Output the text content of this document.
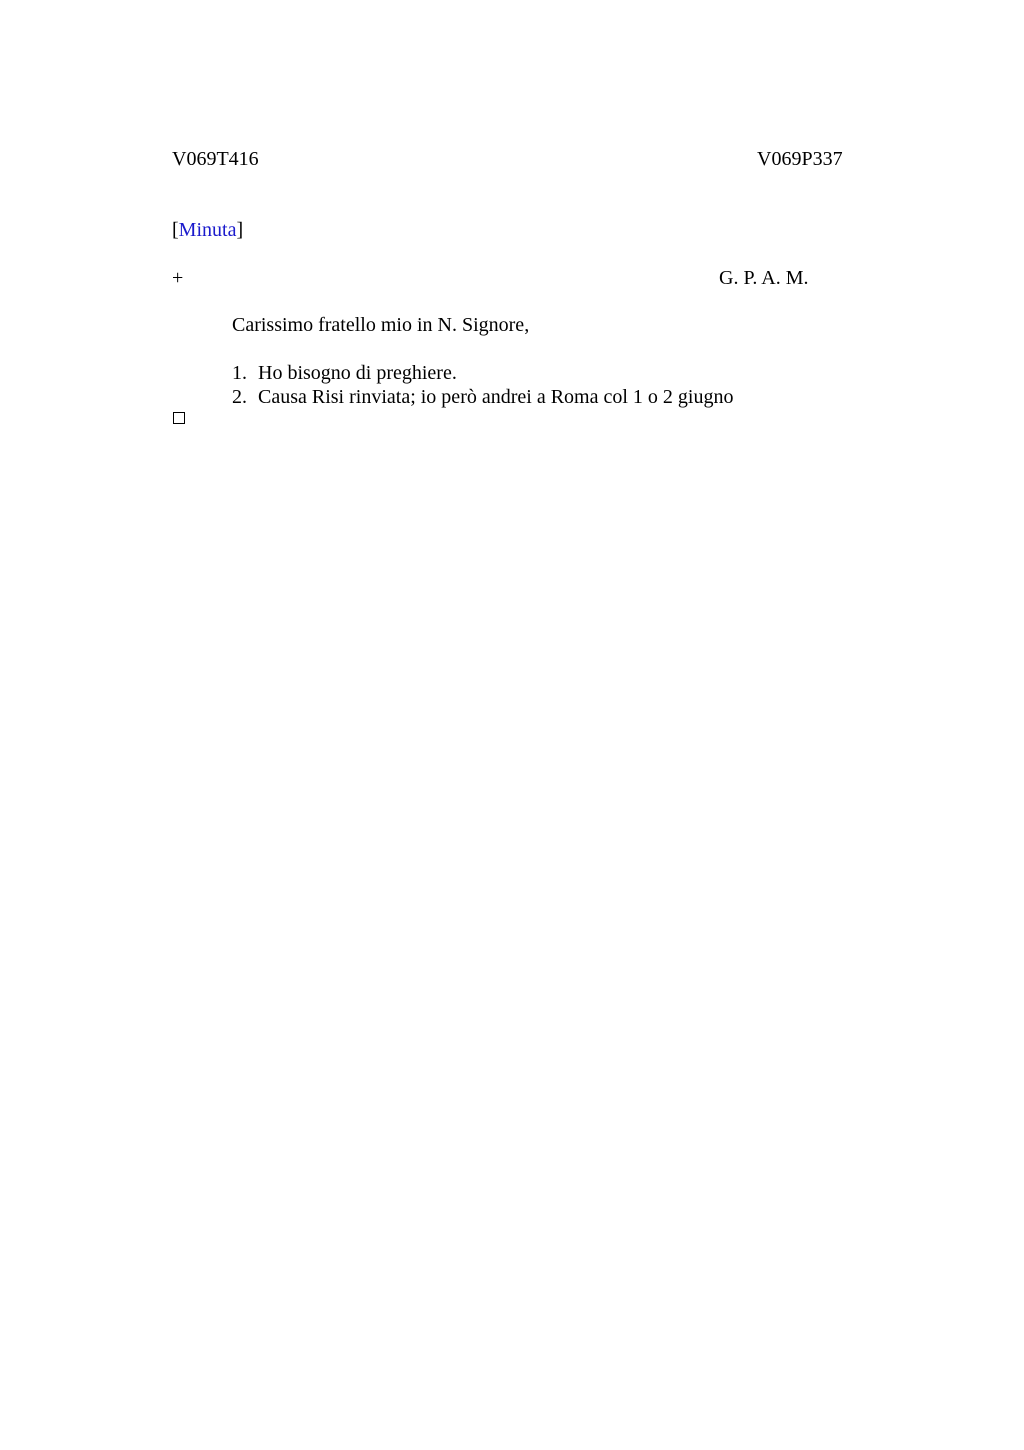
V069T416	V069P337
[Minuta]
+	G. P. A. M.
Carissimo fratello mio in N. Signore,
1. Ho bisogno di preghiere.
2. Causa Risi rinviata; io però andrei a Roma col 1 o 2 giugno
